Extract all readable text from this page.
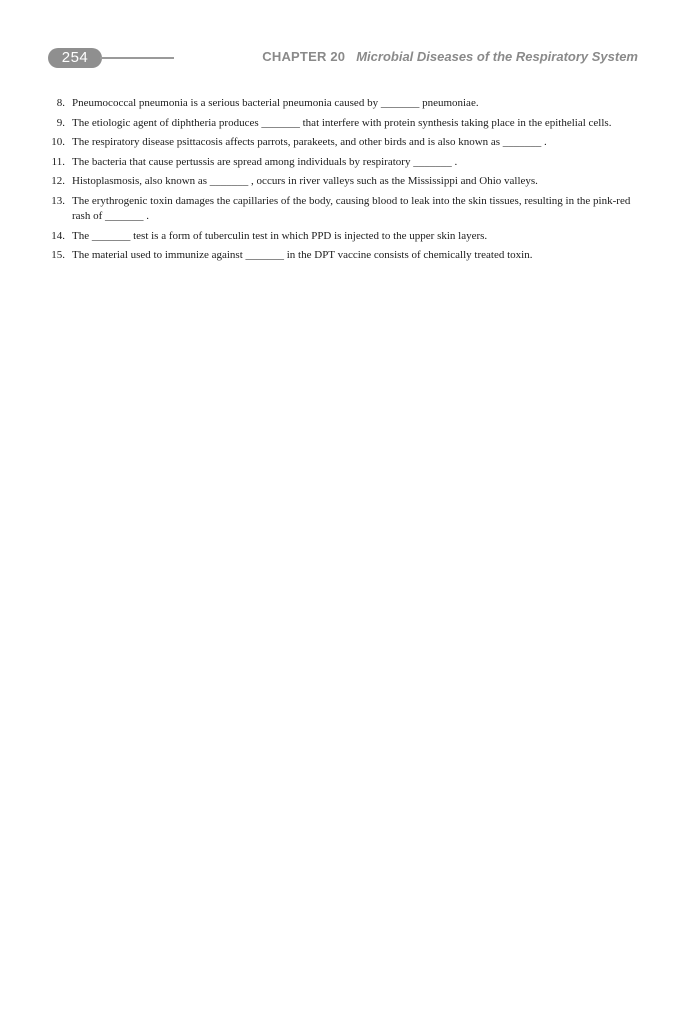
254	CHAPTER 20 Microbial Diseases of the Respiratory System
8. Pneumococcal pneumonia is a serious bacterial pneumonia caused by _______ pneumoniae.
9. The etiologic agent of diphtheria produces _______ that interfere with protein synthesis taking place in the epithelial cells.
10. The respiratory disease psittacosis affects parrots, parakeets, and other birds and is also known as _______ .
11. The bacteria that cause pertussis are spread among individuals by respiratory _______ .
12. Histoplasmosis, also known as _______ , occurs in river valleys such as the Mississippi and Ohio valleys.
13. The erythrogenic toxin damages the capillaries of the body, causing blood to leak into the skin tissues, resulting in the pink-red rash of _______ .
14. The _______ test is a form of tuberculin test in which PPD is injected to the upper skin layers.
15. The material used to immunize against _______ in the DPT vaccine consists of chemically treated toxin.
